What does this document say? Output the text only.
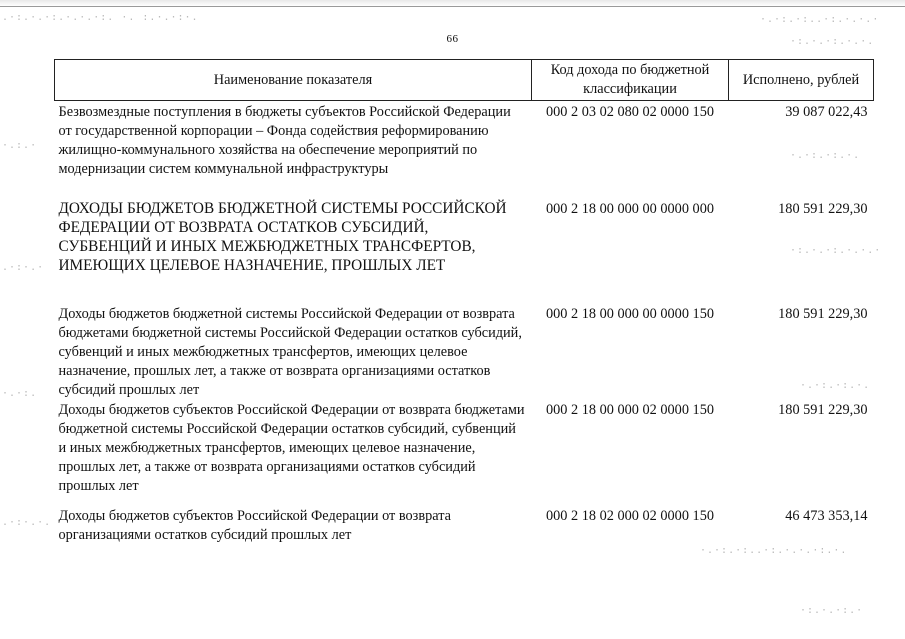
.·:.·.·:.·.·.·:. ·. :.·.·:·.	·.·:.·:..·:.·.·.·
·:.·.·:.·.·.
·.:.·
·.·:.·:.·.
.·:·.·
·:.·.·:.·.·.·
·.·:.
·.·:.·:.·.
.·:·.·.
·.·:.·:..·:.·.·.·:.·.
·:.·.·:.·
66
Наименование показателя	Код дохода по бюджетной классификации	Исполнено, рублей
Безвозмездные поступления в бюджеты субъектов Российской Федерации от государственной корпорации – Фонда содействия реформированию жилищно-коммунального хозяйства на обеспечение мероприятий по модернизации систем коммунальной инфраструктуры	000 2 03 02 080 02 0000 150	39 087 022,43
ДОХОДЫ БЮДЖЕТОВ БЮДЖЕТНОЙ СИСТЕМЫ РОССИЙСКОЙ ФЕДЕРАЦИИ ОТ ВОЗВРАТА ОСТАТКОВ СУБСИДИЙ, СУБВЕНЦИЙ И ИНЫХ МЕЖБЮДЖЕТНЫХ ТРАНСФЕРТОВ, ИМЕЮЩИХ ЦЕЛЕВОЕ НАЗНАЧЕНИЕ, ПРОШЛЫХ ЛЕТ	000 2 18 00 000 00 0000 000	180 591 229,30
Доходы бюджетов бюджетной системы Российской Федерации от возврата бюджетами бюджетной системы Российской Федерации остатков субсидий, субвенций и иных межбюджетных трансфертов, имеющих целевое назначение, прошлых лет, а также от возврата организациями остатков субсидий прошлых лет	000 2 18 00 000 00 0000 150	180 591 229,30
Доходы бюджетов субъектов Российской Федерации от возврата бюджетами бюджетной системы Российской Федерации остатков субсидий, субвенций и иных межбюджетных трансфертов, имеющих целевое назначение, прошлых лет, а также от возврата организациями остатков субсидий прошлых лет	000 2 18 00 000 02 0000 150	180 591 229,30
Доходы бюджетов субъектов Российской Федерации от возврата организациями остатков субсидий прошлых лет	000 2 18 02 000 02 0000 150	46 473 353,14
